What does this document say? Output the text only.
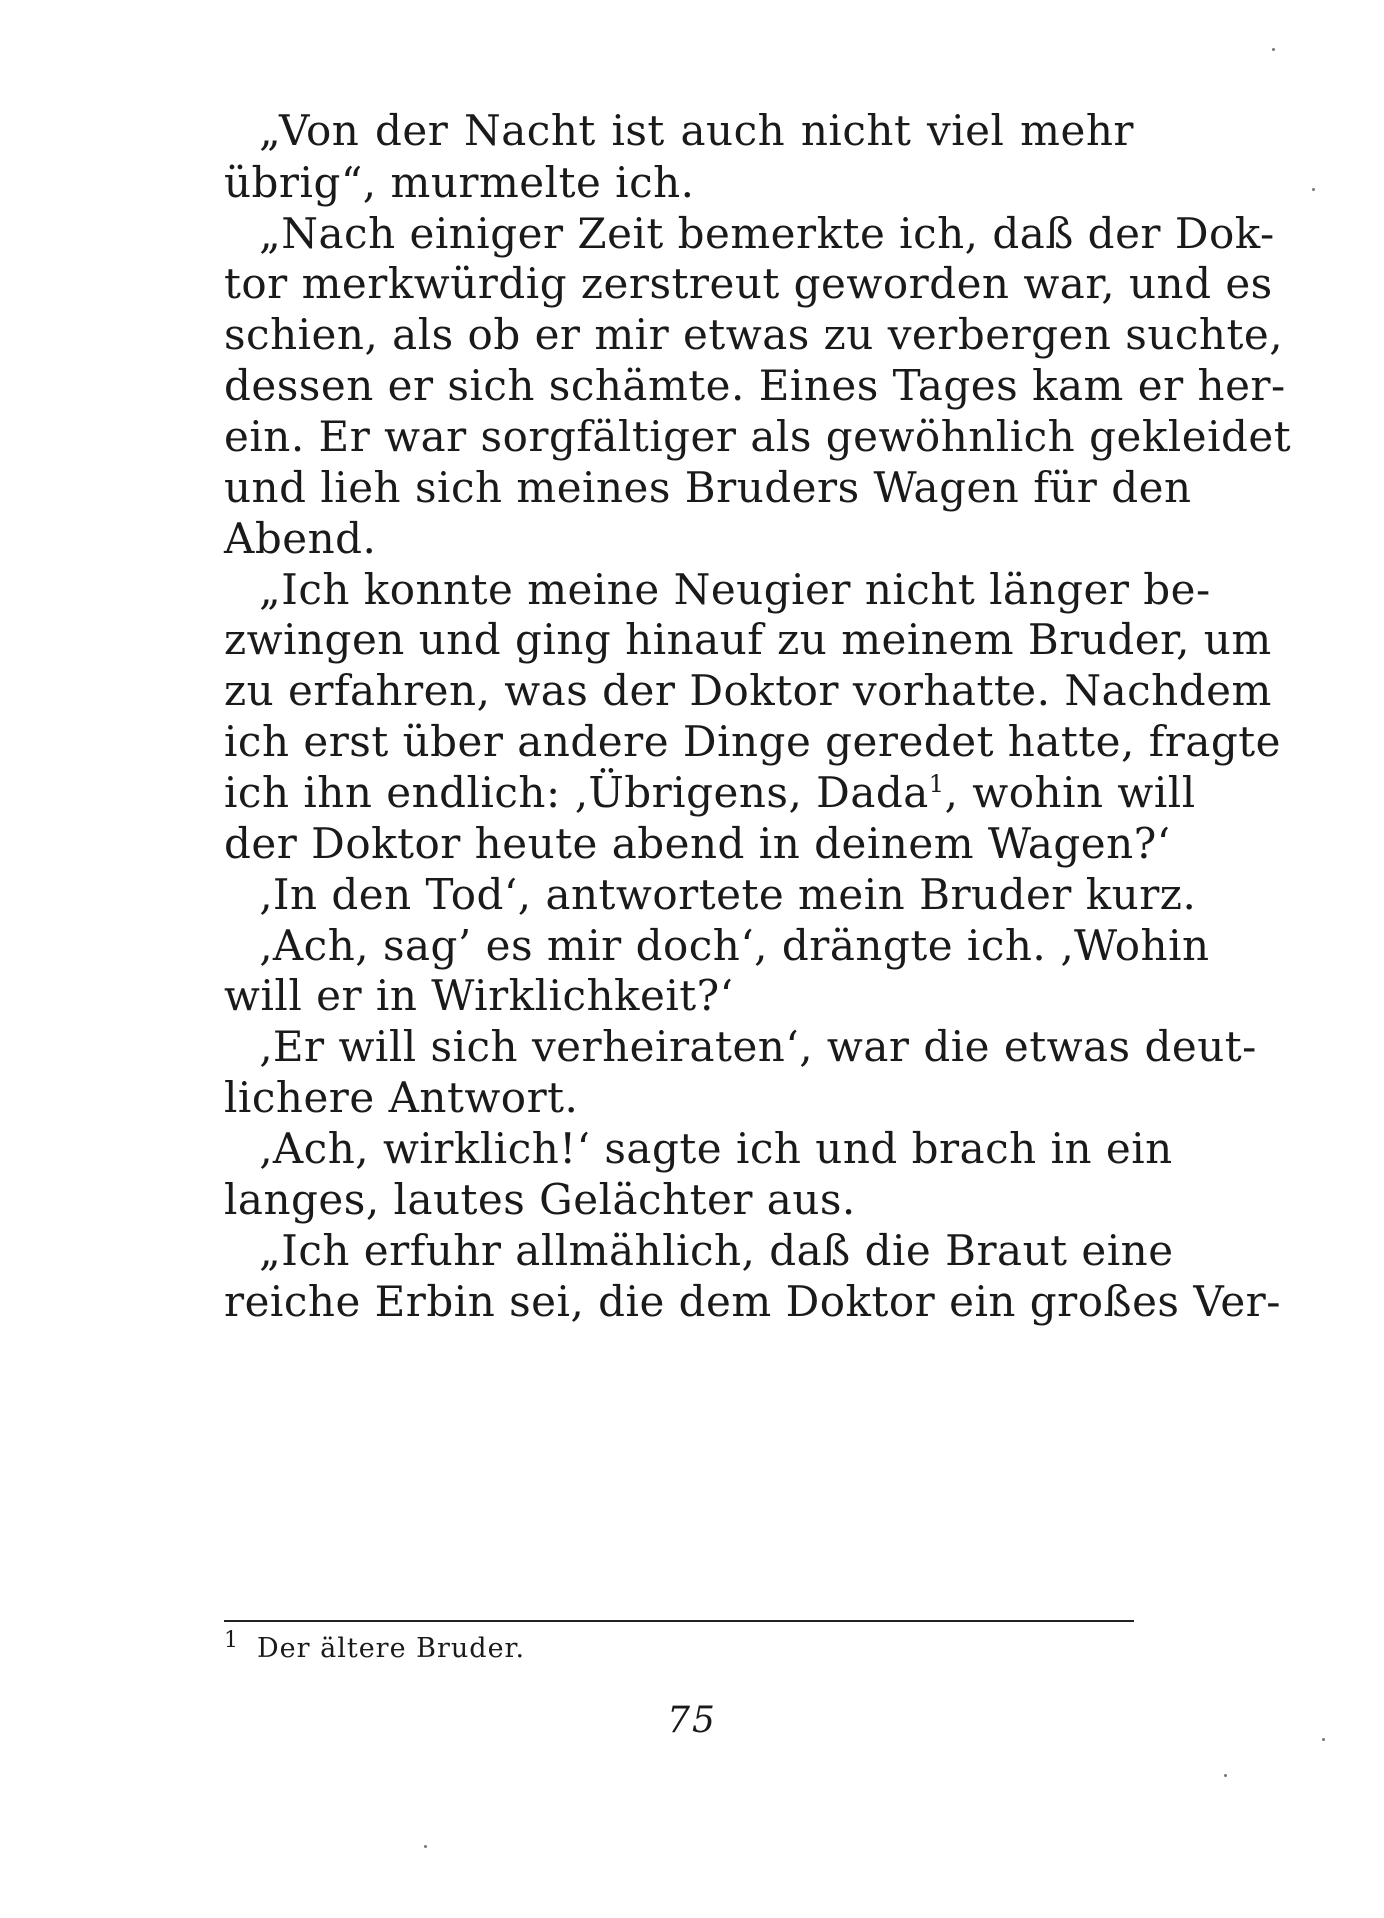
„Von der Nacht ist auch nicht viel mehr
übrig“, murmelte ich.
„Nach einiger Zeit bemerkte ich, daß der Dok-
tor merkwürdig zerstreut geworden war, und es
schien, als ob er mir etwas zu verbergen suchte,
dessen er sich schämte. Eines Tages kam er her-
ein. Er war sorgfältiger als gewöhnlich gekleidet
und lieh sich meines Bruders Wagen für den
Abend.
„Ich konnte meine Neugier nicht länger be-
zwingen und ging hinauf zu meinem Bruder, um
zu erfahren, was der Doktor vorhatte. Nachdem
ich erst über andere Dinge geredet hatte, fragte
ich ihn endlich: ‚Übrigens, Dada$^1$, wohin will
der Doktor heute abend in deinem Wagen?‘
‚In den Tod‘, antwortete mein Bruder kurz.
‚Ach, sag’ es mir doch‘, drängte ich. ‚Wohin
will er in Wirklichkeit?‘
‚Er will sich verheiraten‘, war die etwas deut-
lichere Antwort.
‚Ach, wirklich!‘ sagte ich und brach in ein
langes, lautes Gelächter aus.
„Ich erfuhr allmählich, daß die Braut eine
reiche Erbin sei, die dem Doktor ein großes Ver-
$^1$ Der ältere Bruder.
75
